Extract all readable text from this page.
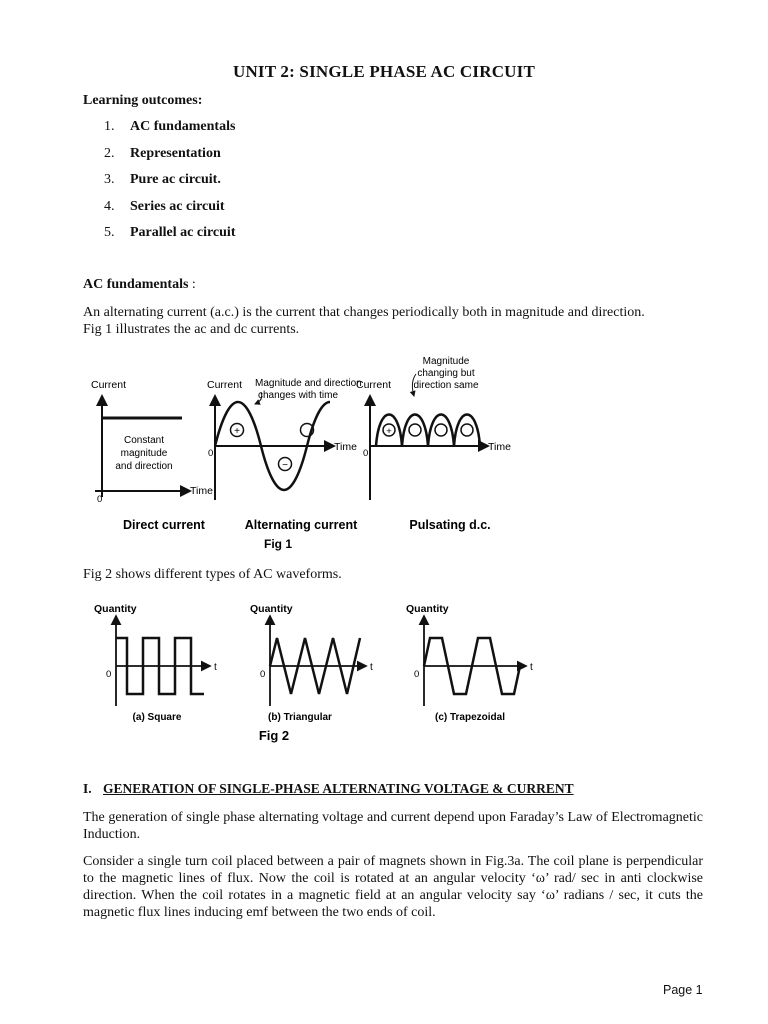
UNIT 2: SINGLE PHASE AC CIRCUIT
Learning outcomes:
1.	AC fundamentals
2.	Representation
3.	Pure ac circuit.
4.	Series ac circuit
5.	Parallel ac circuit
AC fundamentals :
An alternating current (a.c.) is the current that changes periodically both in magnitude and direction.
Fig 1 illustrates the ac and dc currents.
Current
Time
0
Constant
magnitude
and direction
Direct current
+
−
Current
Time
0
Magnitude and direction
changes with time
Alternating current
+
Current
Time
0
Magnitude
changing but
direction same
Pulsating d.c.
Fig 1
Fig 2 shows different types of AC waveforms.
Quantity
t
0
(a) Square
Quantity
t
0
(b) Triangular
Quantity
t
0
(c) Trapezoidal
Fig 2
I. GENERATION OF SINGLE-PHASE ALTERNATING VOLTAGE & CURRENT
The generation of single phase alternating voltage and current depend upon Faraday’s Law of Electromagnetic Induction.
Consider a single turn coil placed between a pair of magnets shown in Fig.3a. The coil plane is perpendicular to the magnetic lines of flux. Now the coil is rotated at an angular velocity ‘ω’ rad/ sec in anti clockwise direction. When the coil rotates in a magnetic field at an angular velocity say ‘ω’ radians / sec, it cuts the magnetic flux lines inducing emf between the two ends of coil.
Page 1
